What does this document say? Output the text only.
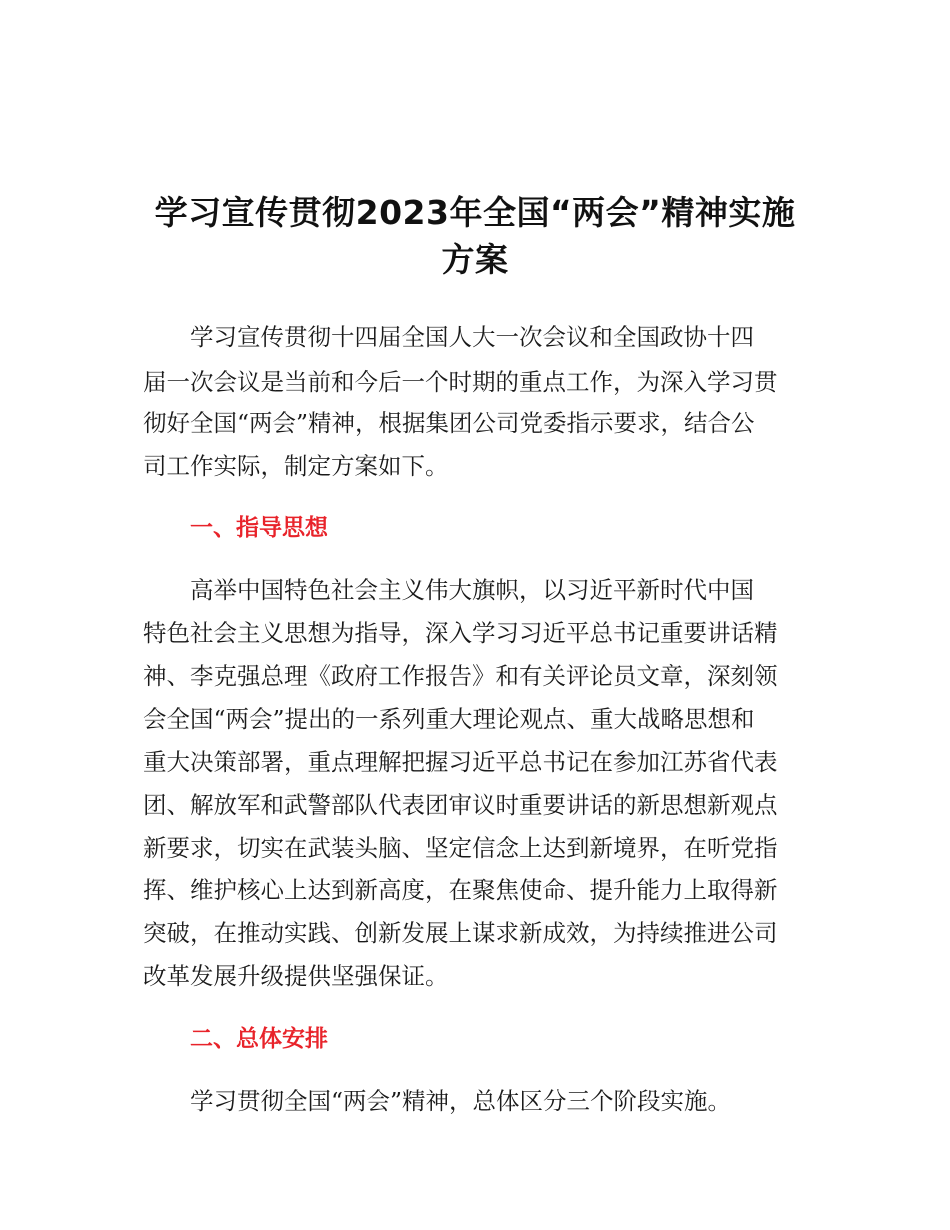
学习宣传贯彻2023年全国“两会”精神实施
方案

学习宣传贯彻十四届全国人大一次会议和全国政协十四

届一次会议是当前和今后一个时期的重点工作，为深入学习贯

彻好全国“两会”精神，根据集团公司党委指示要求，结合公

司工作实际，制定方案如下。

一、指导思想

高举中国特色社会主义伟大旗帜，以习近平新时代中国

特色社会主义思想为指导，深入学习习近平总书记重要讲话精

神、李克强总理《政府工作报告》和有关评论员文章，深刻领

会全国“两会”提出的一系列重大理论观点、重大战略思想和

重大决策部署，重点理解把握习近平总书记在参加江苏省代表

团、解放军和武警部队代表团审议时重要讲话的新思想新观点

新要求，切实在武装头脑、坚定信念上达到新境界，在听党指

挥、维护核心上达到新高度，在聚焦使命、提升能力上取得新

突破，在推动实践、创新发展上谋求新成效，为持续推进公司

改革发展升级提供坚强保证。

二、总体安排

学习贯彻全国“两会”精神，总体区分三个阶段实施。
